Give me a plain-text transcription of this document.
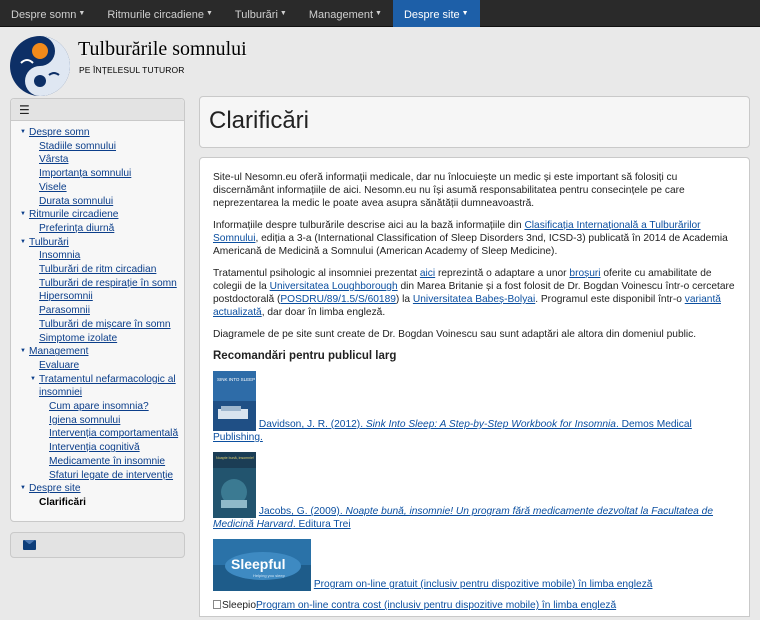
Despre somn ▼	Ritmurile circadiene ▼	Tulburări ▼	Management ▼	Despre site ▼
Tulburările somnului
PE ÎNȚELESUL TUTUROR
☰
▼ Despre somn
Stadiile somnului
Vârsta
Importanța somnului
Visele
Durata somnului
▼ Ritmurile circadiene
Preferința diurnă
▼ Tulburări
Insomnia
Tulburări de ritm circadian
Tulburări de respirație în somn
Hipersomnii
Parasomnii
Tulburări de mișcare în somn
Simptome izolate
▼ Management
Evaluare
▼ Tratamentul nefarmacologic al insomniei
Cum apare insomnia?
Igiena somnului
Intervenția comportamentală
Intervenția cognitivă
Medicamente în insomnie
Sfaturi legate de intervenție
▼ Despre site
Clarificări
Clarificări

Site-ul Nesomn.eu oferă informații medicale, dar nu înlocuiește un medic și este important să folosiți cu discernământ informațiile de aici. Nesomn.eu nu își asumă responsabilitatea pentru consecințele pe care neprezentarea la medic le poate avea asupra sănătății dumneavoastră.

Informațiile despre tulburările descrise aici au la bază informațiile din Clasificația Internațională a Tulburărilor Somnului, ediția a 3-a (International Classification of Sleep Disorders 3nd, ICSD-3) publicată în 2014 de Academia Americană de Medicină a Somnului (American Academy of Sleep Medicine).

Tratamentul psihologic al insomniei prezentat aici reprezintă o adaptare a unor broșuri oferite cu amabilitate de colegii de la Universitatea Loughborough din Marea Britanie și a fost folosit de Dr. Bogdan Voinescu într-o cercetare postdoctorală (POSDRU/89/1.5/S/60189) la Universitatea Babeș-Bolyai. Programul este disponibil într-o variantă actualizată, dar doar în limba engleză.

Diagramele de pe site sunt create de Dr. Bogdan Voinescu sau sunt adaptări ale altora din domeniul public.

Recomandări pentru publicul larg
SINK INTO SLEEP
Davidson, J. R. (2012). Sink Into Sleep: A Step-by-Step Workbook for Insomnia. Demos Medical Publishing.
Noapte bună, insomnie!
Jacobs, G. (2009). Noapte bună, insomnie! Un program fără medicamente dezvoltat la Facultatea de Medicină Harvard. Editura Trei
Sleepful
Helping you sleep
Program on-line gratuit (inclusiv pentru dispozitive mobile) în limba engleză
SleepioProgram on-line contra cost (inclusiv pentru dispozitive mobile) în limba engleză
